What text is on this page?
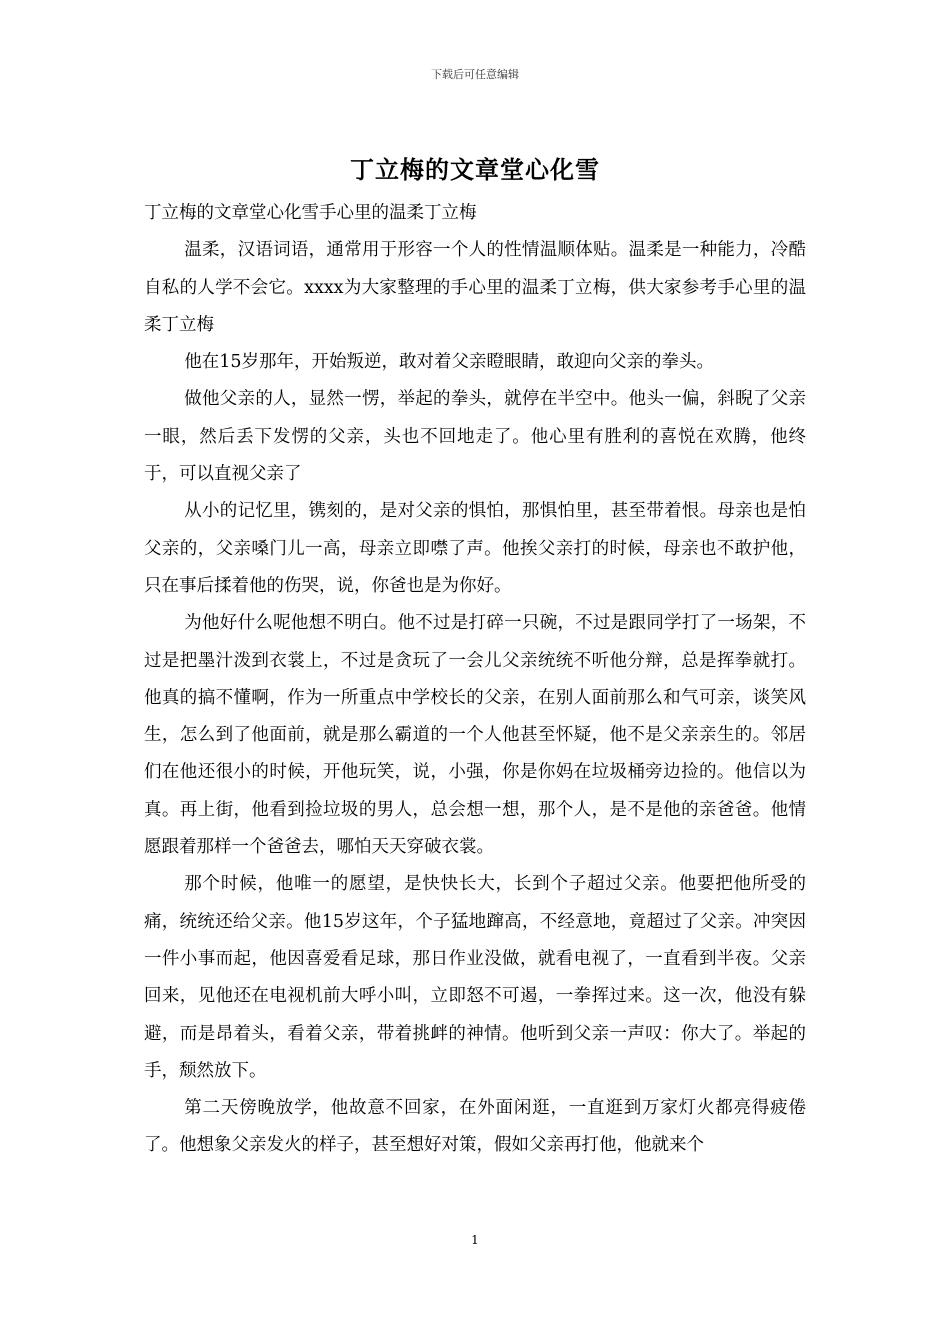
下载后可任意编辑
丁立梅的文章堂心化雪

丁立梅的文章堂心化雪手心里的温柔丁立梅

温柔，汉语词语，通常用于形容一个人的性情温顺体贴。温柔是一种能力，冷酷自私的人学不会它。xxxx为大家整理的手心里的温柔丁立梅，供大家参考手心里的温柔丁立梅

他在15岁那年，开始叛逆，敢对着父亲瞪眼睛，敢迎向父亲的拳头。

做他父亲的人，显然一愣，举起的拳头，就停在半空中。他头一偏，斜睨了父亲一眼，然后丢下发愣的父亲，头也不回地走了。他心里有胜利的喜悦在欢腾，他终于，可以直视父亲了

从小的记忆里，镌刻的，是对父亲的惧怕，那惧怕里，甚至带着恨。母亲也是怕父亲的，父亲嗓门儿一高，母亲立即噤了声。他挨父亲打的时候，母亲也不敢护他，只在事后揉着他的伤哭，说，你爸也是为你好。

为他好什么呢他想不明白。他不过是打碎一只碗，不过是跟同学打了一场架，不过是把墨汁泼到衣裳上，不过是贪玩了一会儿父亲统统不听他分辩，总是挥拳就打。他真的搞不懂啊，作为一所重点中学校长的父亲，在别人面前那么和气可亲，谈笑风生，怎么到了他面前，就是那么霸道的一个人他甚至怀疑，他不是父亲亲生的。邻居们在他还很小的时候，开他玩笑，说，小强，你是你妈在垃圾桶旁边捡的。他信以为真。再上街，他看到捡垃圾的男人，总会想一想，那个人，是不是他的亲爸爸。他情愿跟着那样一个爸爸去，哪怕天天穿破衣裳。

那个时候，他唯一的愿望，是快快长大，长到个子超过父亲。他要把他所受的痛，统统还给父亲。他15岁这年，个子猛地蹿高，不经意地，竟超过了父亲。冲突因一件小事而起，他因喜爱看足球，那日作业没做，就看电视了，一直看到半夜。父亲回来，见他还在电视机前大呼小叫，立即怒不可遏，一拳挥过来。这一次，他没有躲避，而是昂着头，看着父亲，带着挑衅的神情。他听到父亲一声叹：你大了。举起的手，颓然放下。

第二天傍晚放学，他故意不回家，在外面闲逛，一直逛到万家灯火都亮得疲倦了。他想象父亲发火的样子，甚至想好对策，假如父亲再打他，他就来个

1
